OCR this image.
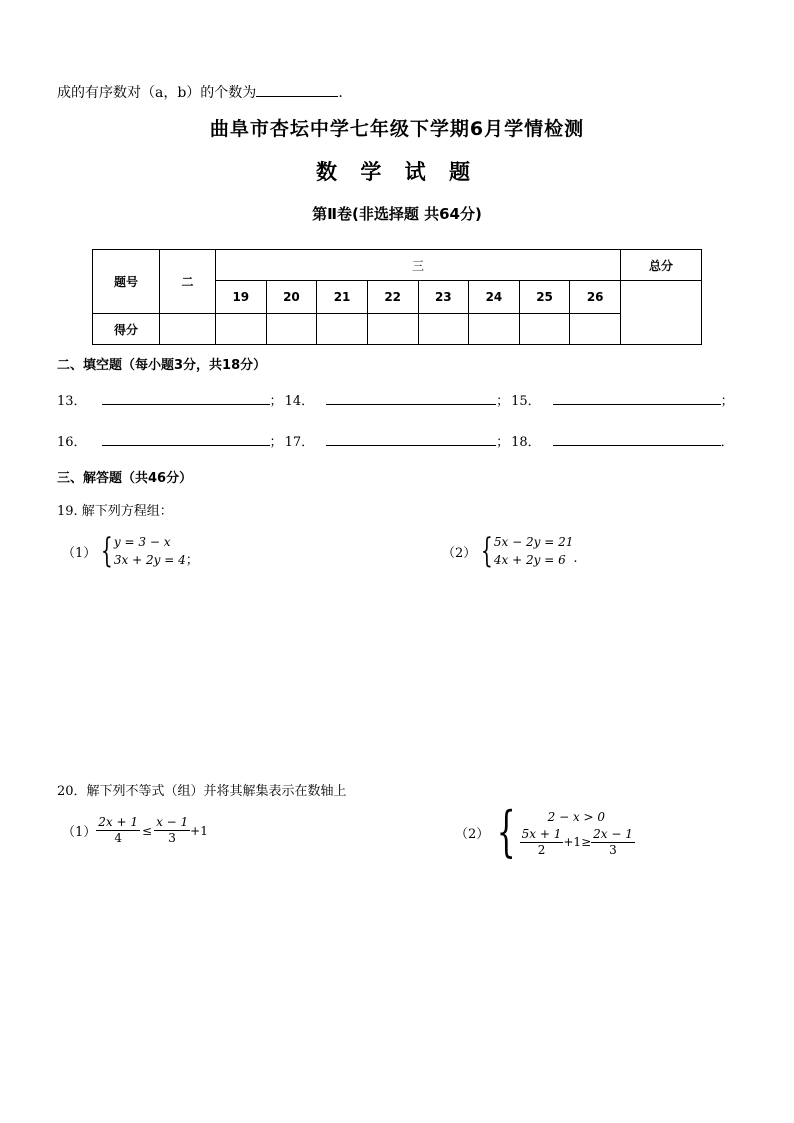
成的有序数对（a，b）的个数为	.
曲阜市杏坛中学七年级下学期6月学情检测
数 学 试 题
第Ⅱ卷(非选择题 共64分)
题号	二	三								总分
		19	20	21	22	23	24	25	26	
得分										
二、填空题（每小题3分，共18分）
13．	； 14．	； 15．	；
16．	； 17．	； 18．	．
三、解答题（共46分）
19. 解下列方程组：
（1） { y = 3 − x
3x + 2y = 4 ；	（2） { 5x − 2y = 21
4x + 2y = 6 .
20．解下列不等式（组）并将其解集表示在数轴上
$(1) \frac{2x + 1}{4} \le \frac{x - 1}{3} +1$	（2） {	2 − x > 0
$\frac{5x + 1}{2} +1\ge \frac{2x - 1}{3}$
